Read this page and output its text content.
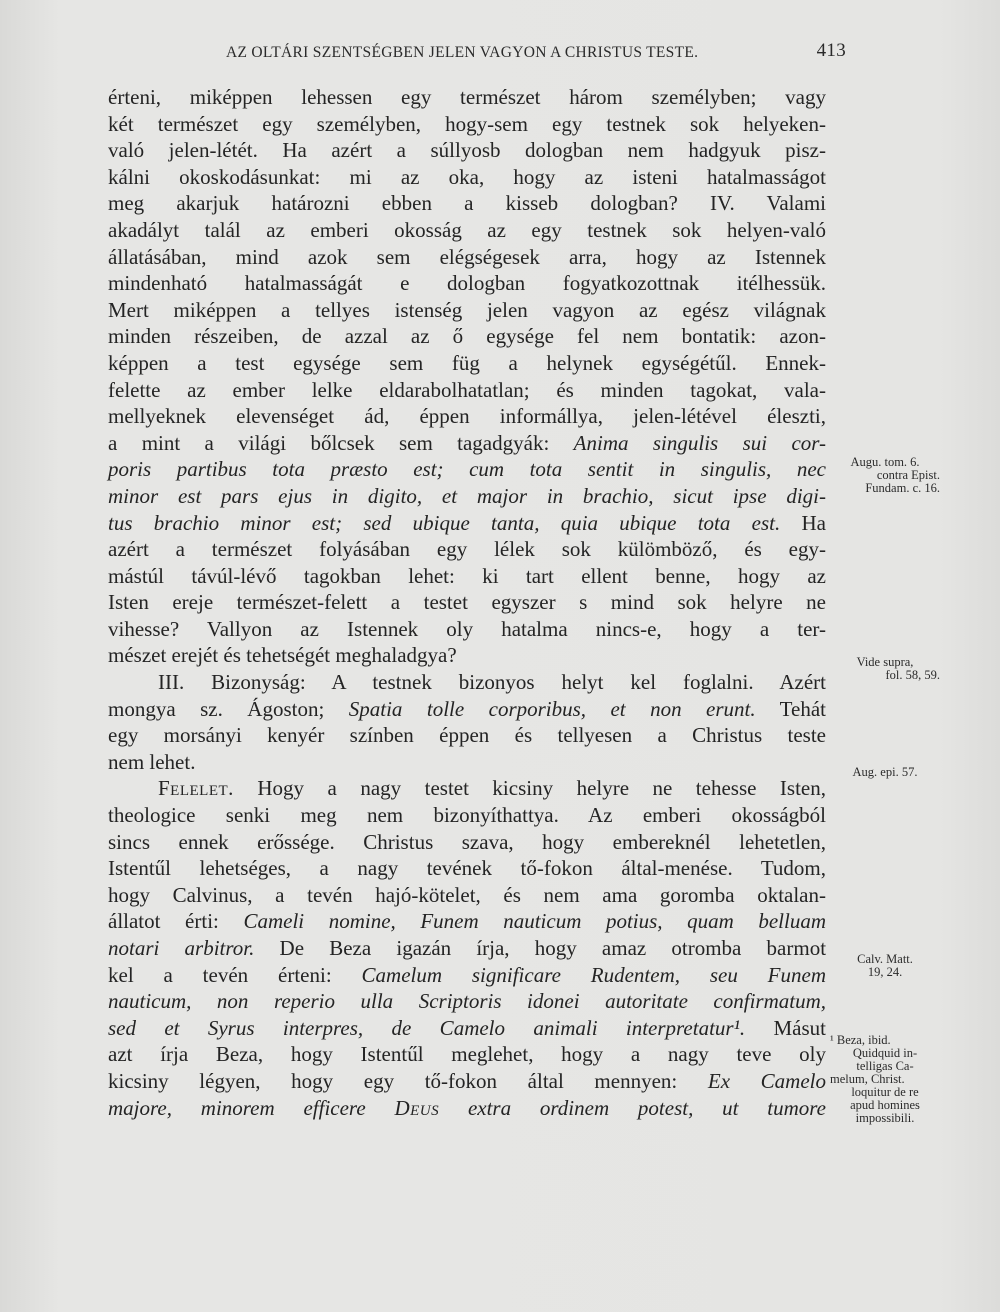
AZ OLTÁRI SZENTSÉGBEN JELEN VAGYON A CHRISTUS TESTE.	413
érteni, miképpen lehessen egy természet három személyben; vagy
két természet egy személyben, hogy-sem egy testnek sok helyeken-
való jelen-létét. Ha azért a súllyosb dologban nem hadgyuk pisz-
kálni okoskodásunkat: mi az oka, hogy az isteni hatalmasságot
meg akarjuk határozni ebben a kisseb dologban? IV. Valami
akadályt talál az emberi okosság az egy testnek sok helyen-való
állatásában, mind azok sem elégségesek arra, hogy az Istennek
mindenható hatalmasságát e dologban fogyatkozottnak itélhessük.
Mert miképpen a tellyes istenség jelen vagyon az egész világnak
minden részeiben, de azzal az ő egysége fel nem bontatik: azon-
képpen a test egysége sem füg a helynek egységétűl. Ennek-
felette az ember lelke eldarabolhatatlan; és minden tagokat, vala-
mellyeknek elevenséget ád, éppen informállya, jelen-létével éleszti,
a mint a világi bőlcsek sem tagadgyák: Anima singulis sui cor-
poris partibus tota præsto est; cum tota sentit in singulis, nec
minor est pars ejus in digito, et major in brachio, sicut ipse digi-
tus brachio minor est; sed ubique tanta, quia ubique tota est. Ha
azért a természet folyásában egy lélek sok külömböző, és egy-
mástúl távúl-lévő tagokban lehet: ki tart ellent benne, hogy az
Isten ereje természet-felett a testet egyszer s mind sok helyre ne
vihesse? Vallyon az Istennek oly hatalma nincs-e, hogy a ter-
mészet erejét és tehetségét meghaladgya?
III. Bizonyság: A testnek bizonyos helyt kel foglalni. Azért
mongya sz. Ágoston; Spatia tolle corporibus, et non erunt. Tehát
egy morsányi kenyér színben éppen és tellyesen a Christus teste
nem lehet.
Felelet. Hogy a nagy testet kicsiny helyre ne tehesse Isten,
theologice senki meg nem bizonyíthattya. Az emberi okosságból
sincs ennek erőssége. Christus szava, hogy embereknél lehetetlen,
Istentűl lehetséges, a nagy tevének tő-fokon által-menése. Tudom,
hogy Calvinus, a tevén hajó-kötelet, és nem ama goromba oktalan-
állatot érti: Cameli nomine, Funem nauticum potius, quam belluam
notari arbitror. De Beza igazán írja, hogy amaz otromba barmot
kel a tevén érteni: Camelum significare Rudentem, seu Funem
nauticum, non reperio ulla Scriptoris idonei autoritate confirmatum,
sed et Syrus interpres, de Camelo animali interpretatur¹. Másut
azt írja Beza, hogy Istentűl meglehet, hogy a nagy teve oly
kicsiny légyen, hogy egy tő-fokon által mennyen: Ex Camelo
majore, minorem efficere Deus extra ordinem potest, ut tumore
Augu. tom. 6.
contra Epist.
Fundam. c. 16.
Vide supra,
fol. 58, 59.
Aug. epi. 57.
Calv. Matt.
19, 24.
¹ Beza, ibid.
Quidquid in-
telligas Ca-
melum, Christ.
loquitur de re
apud homines
impossibili.
